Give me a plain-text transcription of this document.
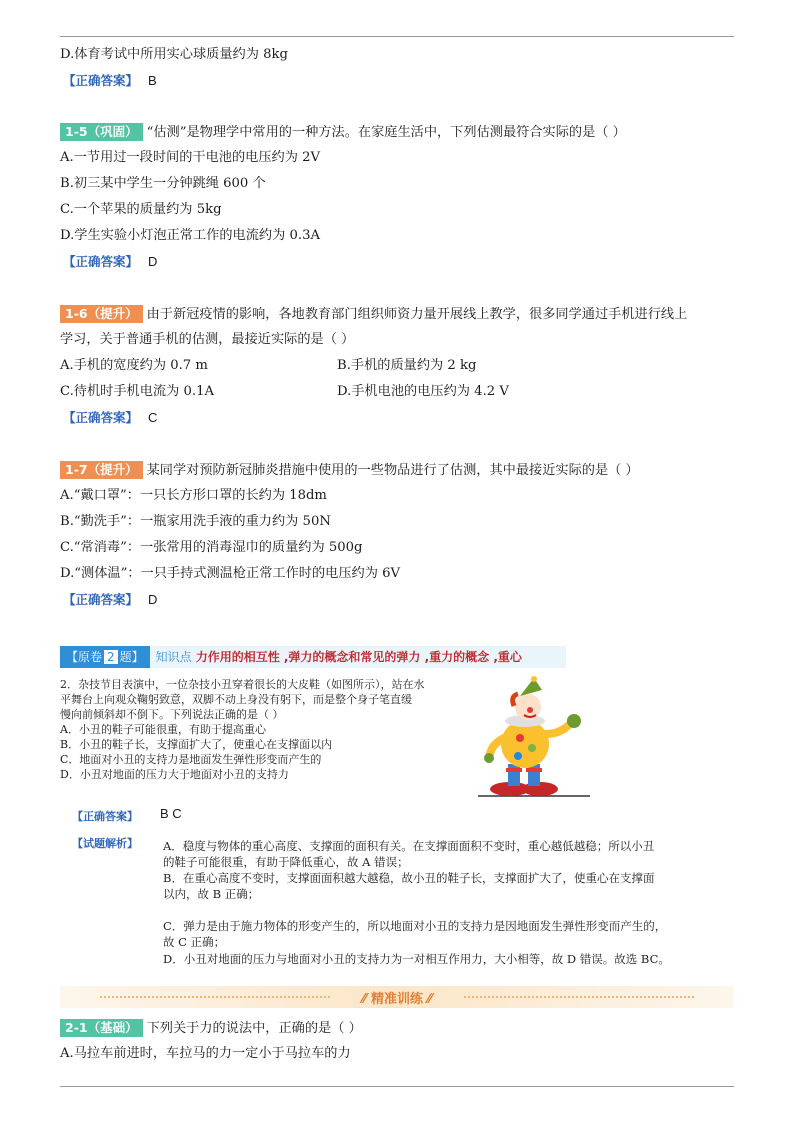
D.体育考试中所用实心球质量约为 8kg
【正确答案】 B
1-5（巩固） “估测”是物理学中常用的一种方法。在家庭生活中，下列估测最符合实际的是（ ）
A.一节用过一段时间的干电池的电压约为 2V
B.初三某中学生一分钟跳绳 600 个
C.一个苹果的质量约为 5kg
D.学生实验小灯泡正常工作的电流约为 0.3A
【正确答案】 D
1-6（提升） 由于新冠疫情的影响，各地教育部门组织师资力量开展线上教学，很多同学通过手机进行线上
学习，关于普通手机的估测，最接近实际的是（ ）
A.手机的宽度约为 0.7 m	B.手机的质量约为 2 kg
C.待机时手机电流为 0.1A	D.手机电池的电压约为 4.2 V
【正确答案】 C
1-7（提升） 某同学对预防新冠肺炎措施中使用的一些物品进行了估测，其中最接近实际的是（ ）
A.“戴口罩”：一只长方形口罩的长约为 18dm
B.“勤洗手”：一瓶家用洗手液的重力约为 50N
C.“常消毒”：一张常用的消毒湿巾的质量约为 500g
D.“测体温”：一只手持式测温枪正常工作时的电压约为 6V
【正确答案】 D
【原卷 2 题】 知识点 力作用的相互性 ,弹力的概念和常见的弹力 ,重力的概念 ,重心
2．杂技节目表演中，一位杂技小丑穿着很长的大皮鞋（如图所示），站在水
平舞台上向观众鞠躬致意，双脚不动上身没有躬下，而是整个身子笔直缓
慢向前倾斜却不倒下。下列说法正确的是（ ）
A．小丑的鞋子可能很重，有助于提高重心
B．小丑的鞋子长，支撑面扩大了，使重心在支撑面以内
C．地面对小丑的支持力是地面发生弹性形变而产生的
D．小丑对地面的压力大于地面对小丑的支持力
【正确答案】 B C
【试题解析】 A．稳度与物体的重心高度、支撑面的面积有关。在支撑面面积不变时，重心越低越稳；所以小丑
的鞋子可能很重，有助于降低重心，故 A 错误；
B．在重心高度不变时，支撑面面积越大越稳，故小丑的鞋子长，支撑面扩大了，使重心在支撑面
以内，故 B 正确；
C．弹力是由于施力物体的形变产生的，所以地面对小丑的支持力是因地面发生弹性形变而产生的，
故 C 正确；
D．小丑对地面的压力与地面对小丑的支持力为一对相互作用力，大小相等，故 D 错误。故选 BC。
⁄⁄ 精准训练 ⁄⁄
2-1（基础） 下列关于力的说法中，正确的是（ ）
A.马拉车前进时，车拉马的力一定小于马拉车的力
